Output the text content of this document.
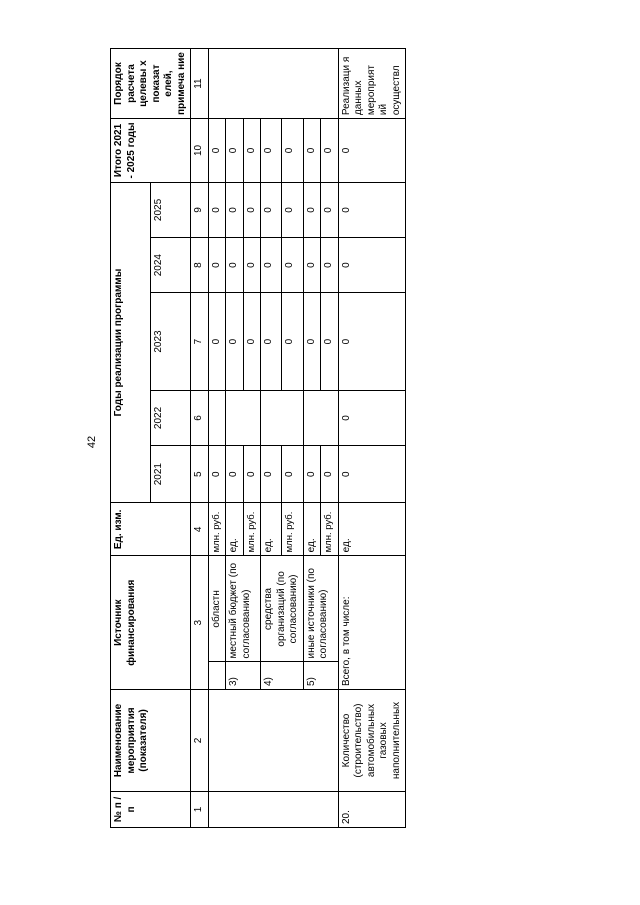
42
№ п / п	Наименование мероприятия (показателя)	Источник финансирования		Ед. изм.	Годы реализации программы					Итого 2021 - 2025 годы	Порядок расчета целевы х показат елей, примеча ние
					2021	2022	2023	2024	2025		
1	2	3		4	5	6	7	8	9	10	11
			областн	млн. руб.	0		0	0	0	0	
		3)	местный бюджет (по согласованию)	ед.	0		0	0	0	0	
				млн. руб.	0		0	0	0	0	
		4)	средства организаций (по согласованию)	ед.	0		0	0	0	0	
				млн. руб.	0		0	0	0	0	
		5)	иные источники (по согласованию)	ед.	0		0	0	0	0	
				млн. руб.	0		0	0	0	0	
20.	Количество (строительство) автомобильных газовых наполнительных	Всего, в том числе:		ед.	0	0	0	0	0	0	Реализаци я данных мероприят ий осуществл
